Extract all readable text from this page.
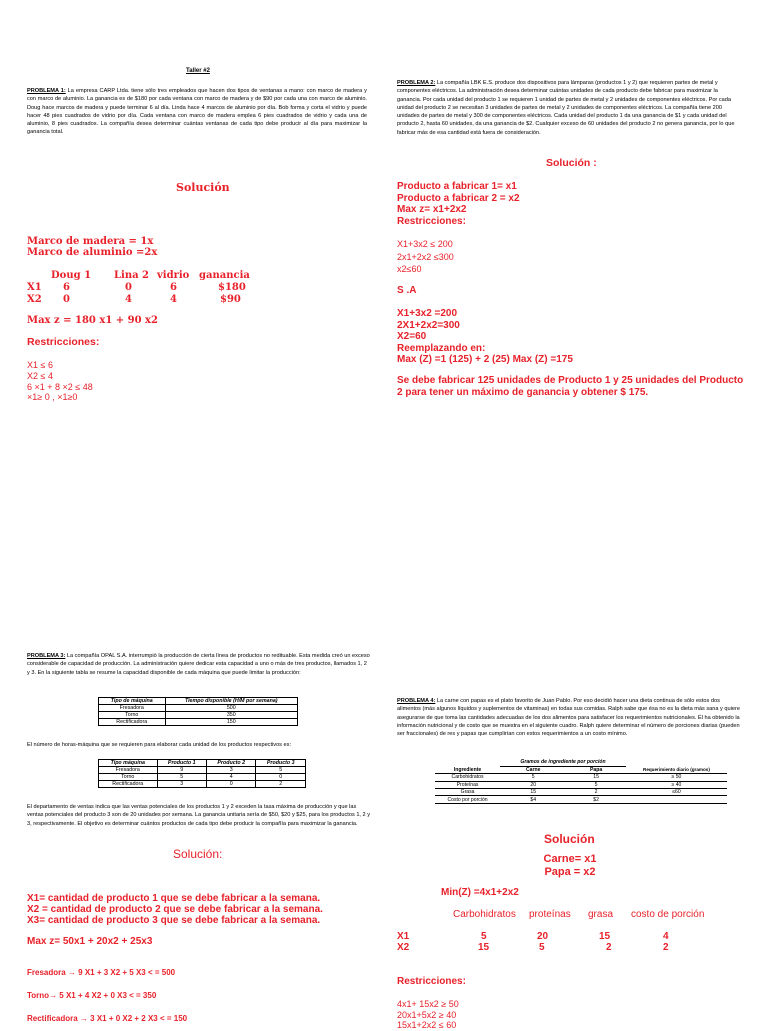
Taller #2
PROBLEMA 1: La empresa CARP Ltda. tiene sólo tres empleados que hacen dos tipos de ventanas a mano: con marco de madera y con marco de aluminio. La ganancia es de $180 por cada ventana con marco de madera y de $90 por cada una con marco de aluminio. Doug hace marcos de madera y puede terminar 6 al día. Linda hace 4 marcos de aluminio por día. Bob forma y corta el vidrio y puede hacer 48 pies cuadrados de vidrio por día. Cada ventana con marco de madera emplea 6 pies cuadrados de vidrio y cada una de aluminio, 8 pies cuadrados. La compañía desea determinar cuántas ventanas de cada tipo debe producir al día para maximizar la ganancia total.
Solución
Marco de madera = 1x
Marco de aluminio =2x
Doug 1 Lina 2 vidrio ganancia
X1 6	0	6	$180
X2 0	4	4	$90
Max z = 180 x1 + 90 x2
Restricciones:
X1 ≤ 6
X2 ≤ 4
6 ×1 + 8 ×2 ≤ 48
×1≥ 0 , ×1≥0
PROBLEMA 2: La compañía LBK E.S. produce dos dispositivos para lámparas (productos 1 y 2) que requieren partes de metal y componentes eléctricos. La administración desea determinar cuántas unidades de cada producto debe fabricar para maximizar la ganancia. Por cada unidad del producto 1 se requieren 1 unidad de partes de metal y 2 unidades de componentes eléctricos. Por cada unidad del producto 2 se necesitan 3 unidades de partes de metal y 2 unidades de componentes eléctricos. La compañía tiene 200 unidades de partes de metal y 300 de componentes eléctricos. Cada unidad del producto 1 da una ganancia de $1 y cada unidad del producto 2, hasta 60 unidades, da una ganancia de $2. Cualquier exceso de 60 unidades del producto 2 no genera ganancia, por lo que fabricar más de esa cantidad está fuera de consideración.
Solución :
Producto a fabricar 1= x1
Producto a fabricar 2 = x2
Max z= x1+2x2
Restricciones:
X1+3x2 ≤ 200
2x1+2x2 ≤300
x2≤60
S .A
X1+3x2 =200
2X1+2x2=300
X2=60
Reemplazando en:
Max (Z) =1 (125) + 2 (25) Max (Z) =175
Se debe fabricar 125 unidades de Producto 1 y 25 unidades del Producto
2 para tener un máximo de ganancia y obtener $ 175.
PROBLEMA 3: La compañía OPAL S.A. interrumpió la producción de cierta línea de productos no redituable. Esta medida creó un exceso considerable de capacidad de producción. La administración quiere dedicar esta capacidad a uno o más de tres productos, llamados 1, 2 y 3. En la siguiente tabla se resume la capacidad disponible de cada máquina que puede limitar la producción:
Tipo de máquina	Tiempo disponible (H/M por semana)
Fresadora	500
Torno	350
Rectificadora	150
El número de horas-máquina que se requieren para elaborar cada unidad de los productos respectivos es:
Tipo máquina	Producto 1	Producto 2	Producto 3
Fresadora	9	3	5
Torno	5	4	0
Rectificadora	3	0	2
El departamento de ventas indica que las ventas potenciales de los productos 1 y 2 exceden la tasa máxima de producción y que las ventas potenciales del producto 3 son de 20 unidades por semana. La ganancia unitaria sería de $50, $20 y $25, para los productos 1, 2 y 3, respectivamente. El objetivo es determinar cuántos productos de cada tipo debe producir la compañía para maximizar la ganancia.
Solución:
X1= cantidad de producto 1 que se debe fabricar a la semana.
X2 = cantidad de producto 2 que se debe fabricar a la semana.
X3= cantidad de producto 3 que se debe fabricar a la semana.
Max z= 50x1 + 20x2 + 25x3
Fresadora → 9 X1 + 3 X2 + 5 X3 < = 500
Torno→ 5 X1 + 4 X2 + 0 X3 < = 350
Rectificadora → 3 X1 + 0 X2 + 2 X3 < = 150
PROBLEMA 4: La carne con papas es el plato favorito de Juan Pablo. Por eso decidió hacer una dieta continua de sólo estos dos alimentos (más algunos líquidos y suplementos de vitaminas) en todas sus comidas. Ralph sabe que ésa no es la dieta más sana y quiere asegurarse de que toma las cantidades adecuadas de los dos alimentos para satisfacer los requerimientos nutricionales. Él ha obtenido la información nutricional y de costo que se muestra en el siguiente cuadro. Ralph quiere determinar el número de porciones diarias (pueden ser fraccionales) de res y papas que cumplirían con estos requerimientos a un costo mínimo.
	Gramos de ingrediente por porción		
Ingrediente	Carne	Papa	Requerimiento diario (gramos)
Carbohidratos	5	15	≥ 50
Proteínas	20	5	≥ 40
Grasa	15	2	≤60
Costo por porción	$4	$2	
Solución
Carne= x1
Papa = x2
Min(Z) =4x1+2x2
Carbohidratos proteínas grasa costo de porción
X1	5	20	15	4
X2	15	5	2	2
Restricciones:
4x1+ 15x2 ≥ 50
20x1+5x2 ≥ 40
15x1+2x2 ≤ 60
